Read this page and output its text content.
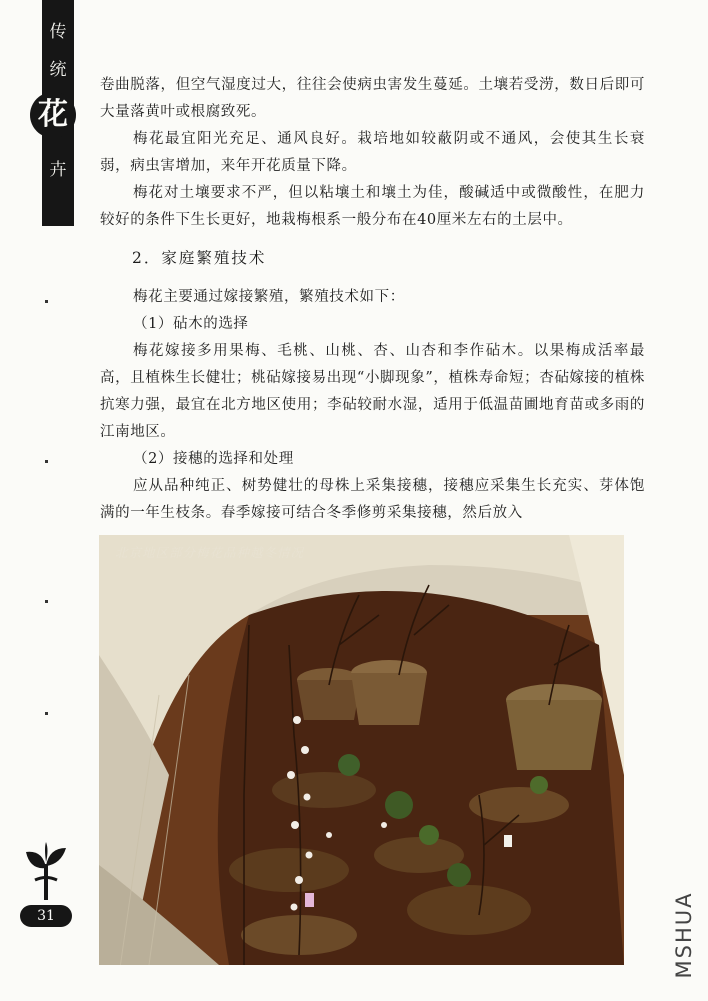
传
统
卉
花

卷曲脱落，但空气湿度过大，往往会使病虫害发生蔓延。土壤若受涝，数日后即可大量落黄叶或根腐致死。

梅花最宜阳光充足、通风良好。栽培地如较蔽阴或不通风，会使其生长衰弱，病虫害增加，来年开花质量下降。

梅花对土壤要求不严，但以粘壤土和壤土为佳，酸碱适中或微酸性，在肥力较好的条件下生长更好，地栽梅根系一般分布在40厘米左右的土层中。

2．家庭繁殖技术

梅花主要通过嫁接繁殖，繁殖技术如下：

（1）砧木的选择

梅花嫁接多用果梅、毛桃、山桃、杏、山杏和李作砧木。以果梅成活率最高，且植株生长健壮；桃砧嫁接易出现“小脚现象”，植株寿命短；杏砧嫁接的植株抗寒力强，最宜在北方地区使用；李砧较耐水湿，适用于低温苗圃地育苗或多雨的江南地区。

（2）接穗的选择和处理

应从品种纯正、树势健壮的母株上采集接穗，接穗应采集生长充实、芽体饱满的一年生枝条。春季嫁接可结合冬季修剪采集接穗，然后放入

北京地区部分梅花品种越冬情况
31	MSHUA
